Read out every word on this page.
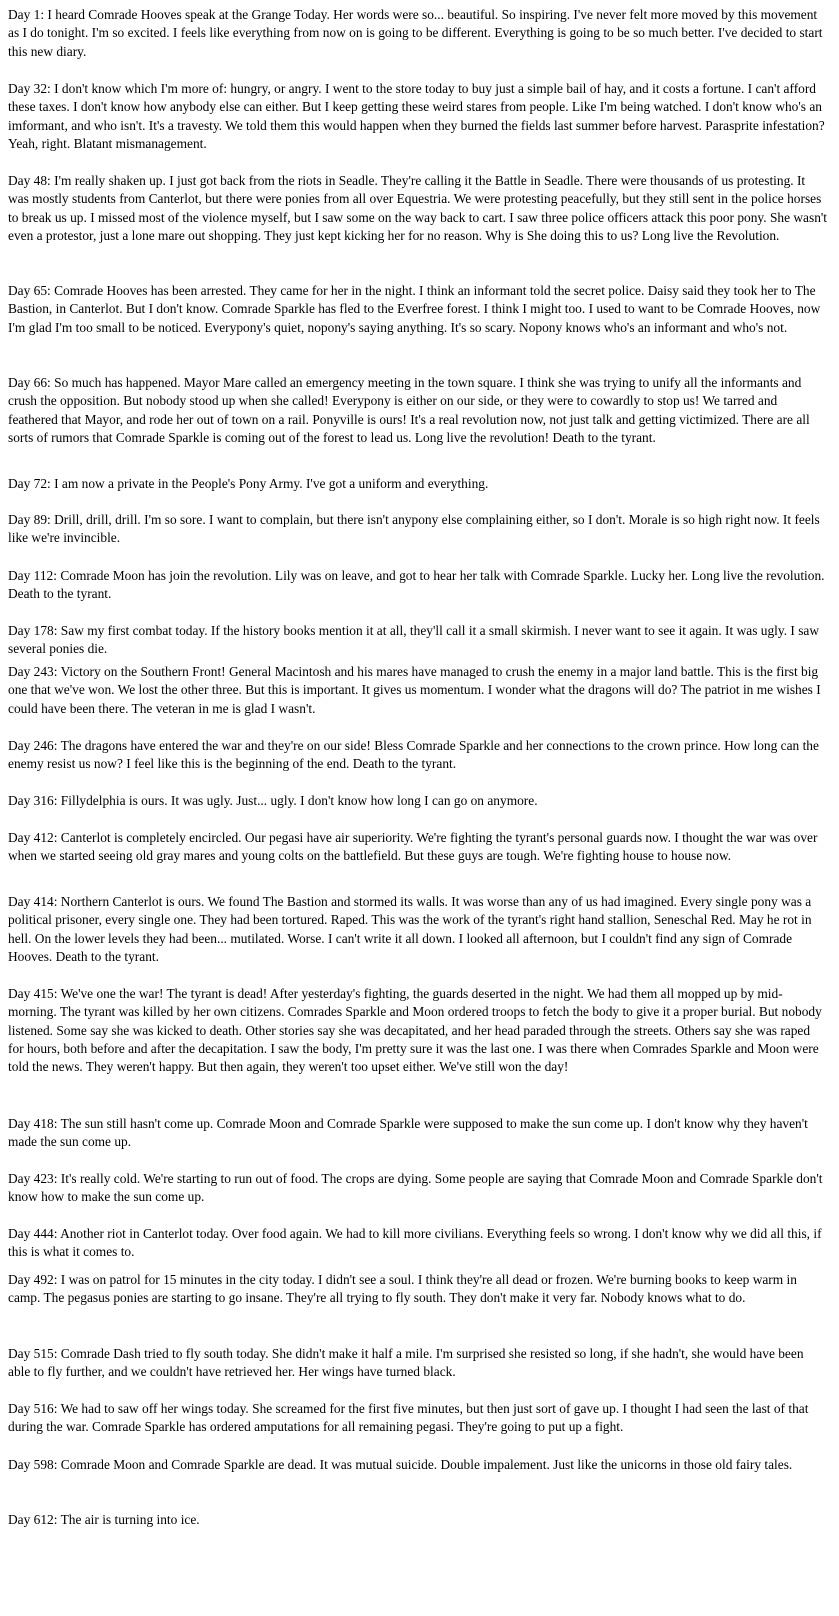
Day 1: I heard Comrade Hooves speak at the Grange Today. Her words were so... beautiful. So inspiring. I've never felt more moved by this movement as I do tonight. I'm so excited. I feels like everything from now on is going to be different. Everything is going to be so much better. I've decided to start this new diary.

Day 32: I don't know which I'm more of: hungry, or angry. I went to the store today to buy just a simple bail of hay, and it costs a fortune. I can't afford these taxes. I don't know how anybody else can either. But I keep getting these weird stares from people. Like I'm being watched. I don't know who's an imformant, and who isn't. It's a travesty. We told them this would happen when they burned the fields last summer before harvest. Parasprite infestation? Yeah, right. Blatant mismanagement.

Day 48: I'm really shaken up. I just got back from the riots in Seadle. They're calling it the Battle in Seadle. There were thousands of us protesting. It was mostly students from Canterlot, but there were ponies from all over Equestria. We were protesting peacefully, but they still sent in the police horses to break us up. I missed most of the violence myself, but I saw some on the way back to cart. I saw three police officers attack this poor pony. She wasn't even a protestor, just a lone mare out shopping. They just kept kicking her for no reason. Why is She doing this to us? Long live the Revolution.

Day 65: Comrade Hooves has been arrested. They came for her in the night. I think an informant told the secret police. Daisy said they took her to The Bastion, in Canterlot. But I don't know. Comrade Sparkle has fled to the Everfree forest. I think I might too. I used to want to be Comrade Hooves, now I'm glad I'm too small to be noticed. Everypony's quiet, nopony's saying anything. It's so scary. Nopony knows who's an informant and who's not.

Day 66: So much has happened. Mayor Mare called an emergency meeting in the town square. I think she was trying to unify all the informants and crush the opposition. But nobody stood up when she called! Everypony is either on our side, or they were to cowardly to stop us! We tarred and feathered that Mayor, and rode her out of town on a rail. Ponyville is ours! It's a real revolution now, not just talk and getting victimized. There are all sorts of rumors that Comrade Sparkle is coming out of the forest to lead us. Long live the revolution! Death to the tyrant.

Day 72: I am now a private in the People's Pony Army. I've got a uniform and everything.

Day 89: Drill, drill, drill. I'm so sore. I want to complain, but there isn't anypony else complaining either, so I don't. Morale is so high right now. It feels like we're invincible.

Day 112: Comrade Moon has join the revolution. Lily was on leave, and got to hear her talk with Comrade Sparkle. Lucky her. Long live the revolution. Death to the tyrant.

Day 178: Saw my first combat today. If the history books mention it at all, they'll call it a small skirmish. I never want to see it again. It was ugly. I saw several ponies die.

Day 243: Victory on the Southern Front! General Macintosh and his mares have managed to crush the enemy in a major land battle. This is the first big one that we've won. We lost the other three. But this is important. It gives us momentum. I wonder what the dragons will do? The patriot in me wishes I could have been there. The veteran in me is glad I wasn't.

Day 246: The dragons have entered the war and they're on our side! Bless Comrade Sparkle and her connections to the crown prince. How long can the enemy resist us now? I feel like this is the beginning of the end. Death to the tyrant.

Day 316: Fillydelphia is ours. It was ugly. Just... ugly. I don't know how long I can go on anymore.

Day 412: Canterlot is completely encircled. Our pegasi have air superiority. We're fighting the tyrant's personal guards now. I thought the war was over when we started seeing old gray mares and young colts on the battlefield. But these guys are tough. We're fighting house to house now.

Day 414: Northern Canterlot is ours. We found The Bastion and stormed its walls. It was worse than any of us had imagined. Every single pony was a political prisoner, every single one. They had been tortured. Raped. This was the work of the tyrant's right hand stallion, Seneschal Red. May he rot in hell. On the lower levels they had been... mutilated. Worse. I can't write it all down. I looked all afternoon, but I couldn't find any sign of Comrade Hooves. Death to the tyrant.

Day 415: We've one the war! The tyrant is dead! After yesterday's fighting, the guards deserted in the night. We had them all mopped up by mid-morning. The tyrant was killed by her own citizens. Comrades Sparkle and Moon ordered troops to fetch the body to give it a proper burial. But nobody listened. Some say she was kicked to death. Other stories say she was decapitated, and her head paraded through the streets. Others say she was raped for hours, both before and after the decapitation. I saw the body, I'm pretty sure it was the last one. I was there when Comrades Sparkle and Moon were told the news. They weren't happy. But then again, they weren't too upset either. We've still won the day!

Day 418: The sun still hasn't come up. Comrade Moon and Comrade Sparkle were supposed to make the sun come up. I don't know why they haven't made the sun come up.

Day 423: It's really cold. We're starting to run out of food. The crops are dying. Some people are saying that Comrade Moon and Comrade Sparkle don't know how to make the sun come up.

Day 444: Another riot in Canterlot today. Over food again. We had to kill more civilians. Everything feels so wrong. I don't know why we did all this, if this is what it comes to.

Day 492: I was on patrol for 15 minutes in the city today. I didn't see a soul. I think they're all dead or frozen. We're burning books to keep warm in camp. The pegasus ponies are starting to go insane. They're all trying to fly south. They don't make it very far. Nobody knows what to do.

Day 515: Comrade Dash tried to fly south today. She didn't make it half a mile. I'm surprised she resisted so long, if she hadn't, she would have been able to fly further, and we couldn't have retrieved her. Her wings have turned black.

Day 516: We had to saw off her wings today. She screamed for the first five minutes, but then just sort of gave up. I thought I had seen the last of that during the war. Comrade Sparkle has ordered amputations for all remaining pegasi. They're going to put up a fight.

Day 598: Comrade Moon and Comrade Sparkle are dead. It was mutual suicide. Double impalement. Just like the unicorns in those old fairy tales.

Day 612: The air is turning into ice.
